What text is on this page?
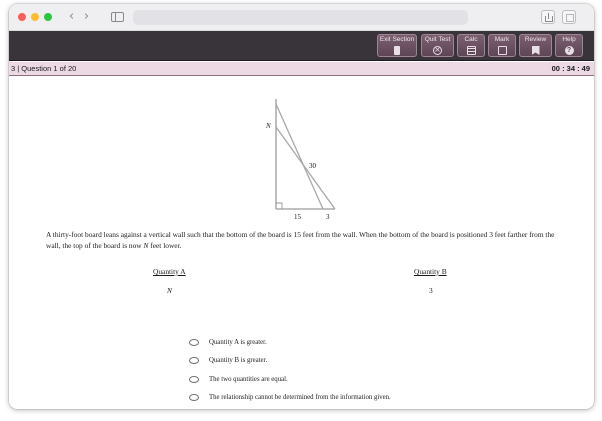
‹ ›
Exit Section	Quit Test
×	Calc	Mark	Review	Help
?
3 | Question 1 of 20	00 : 34 : 49
N
30
15	3
A thirty-foot board leans against a vertical wall such that the bottom of the board is 15 feet from the wall. When the bottom of the board is positioned 3 feet farther from the wall, the top of the board is now N feet lower.
Quantity A	Quantity B
N	3
Quantity A is greater.
Quantity B is greater.
The two quantities are equal.
The relationship cannot be determined from the information given.
